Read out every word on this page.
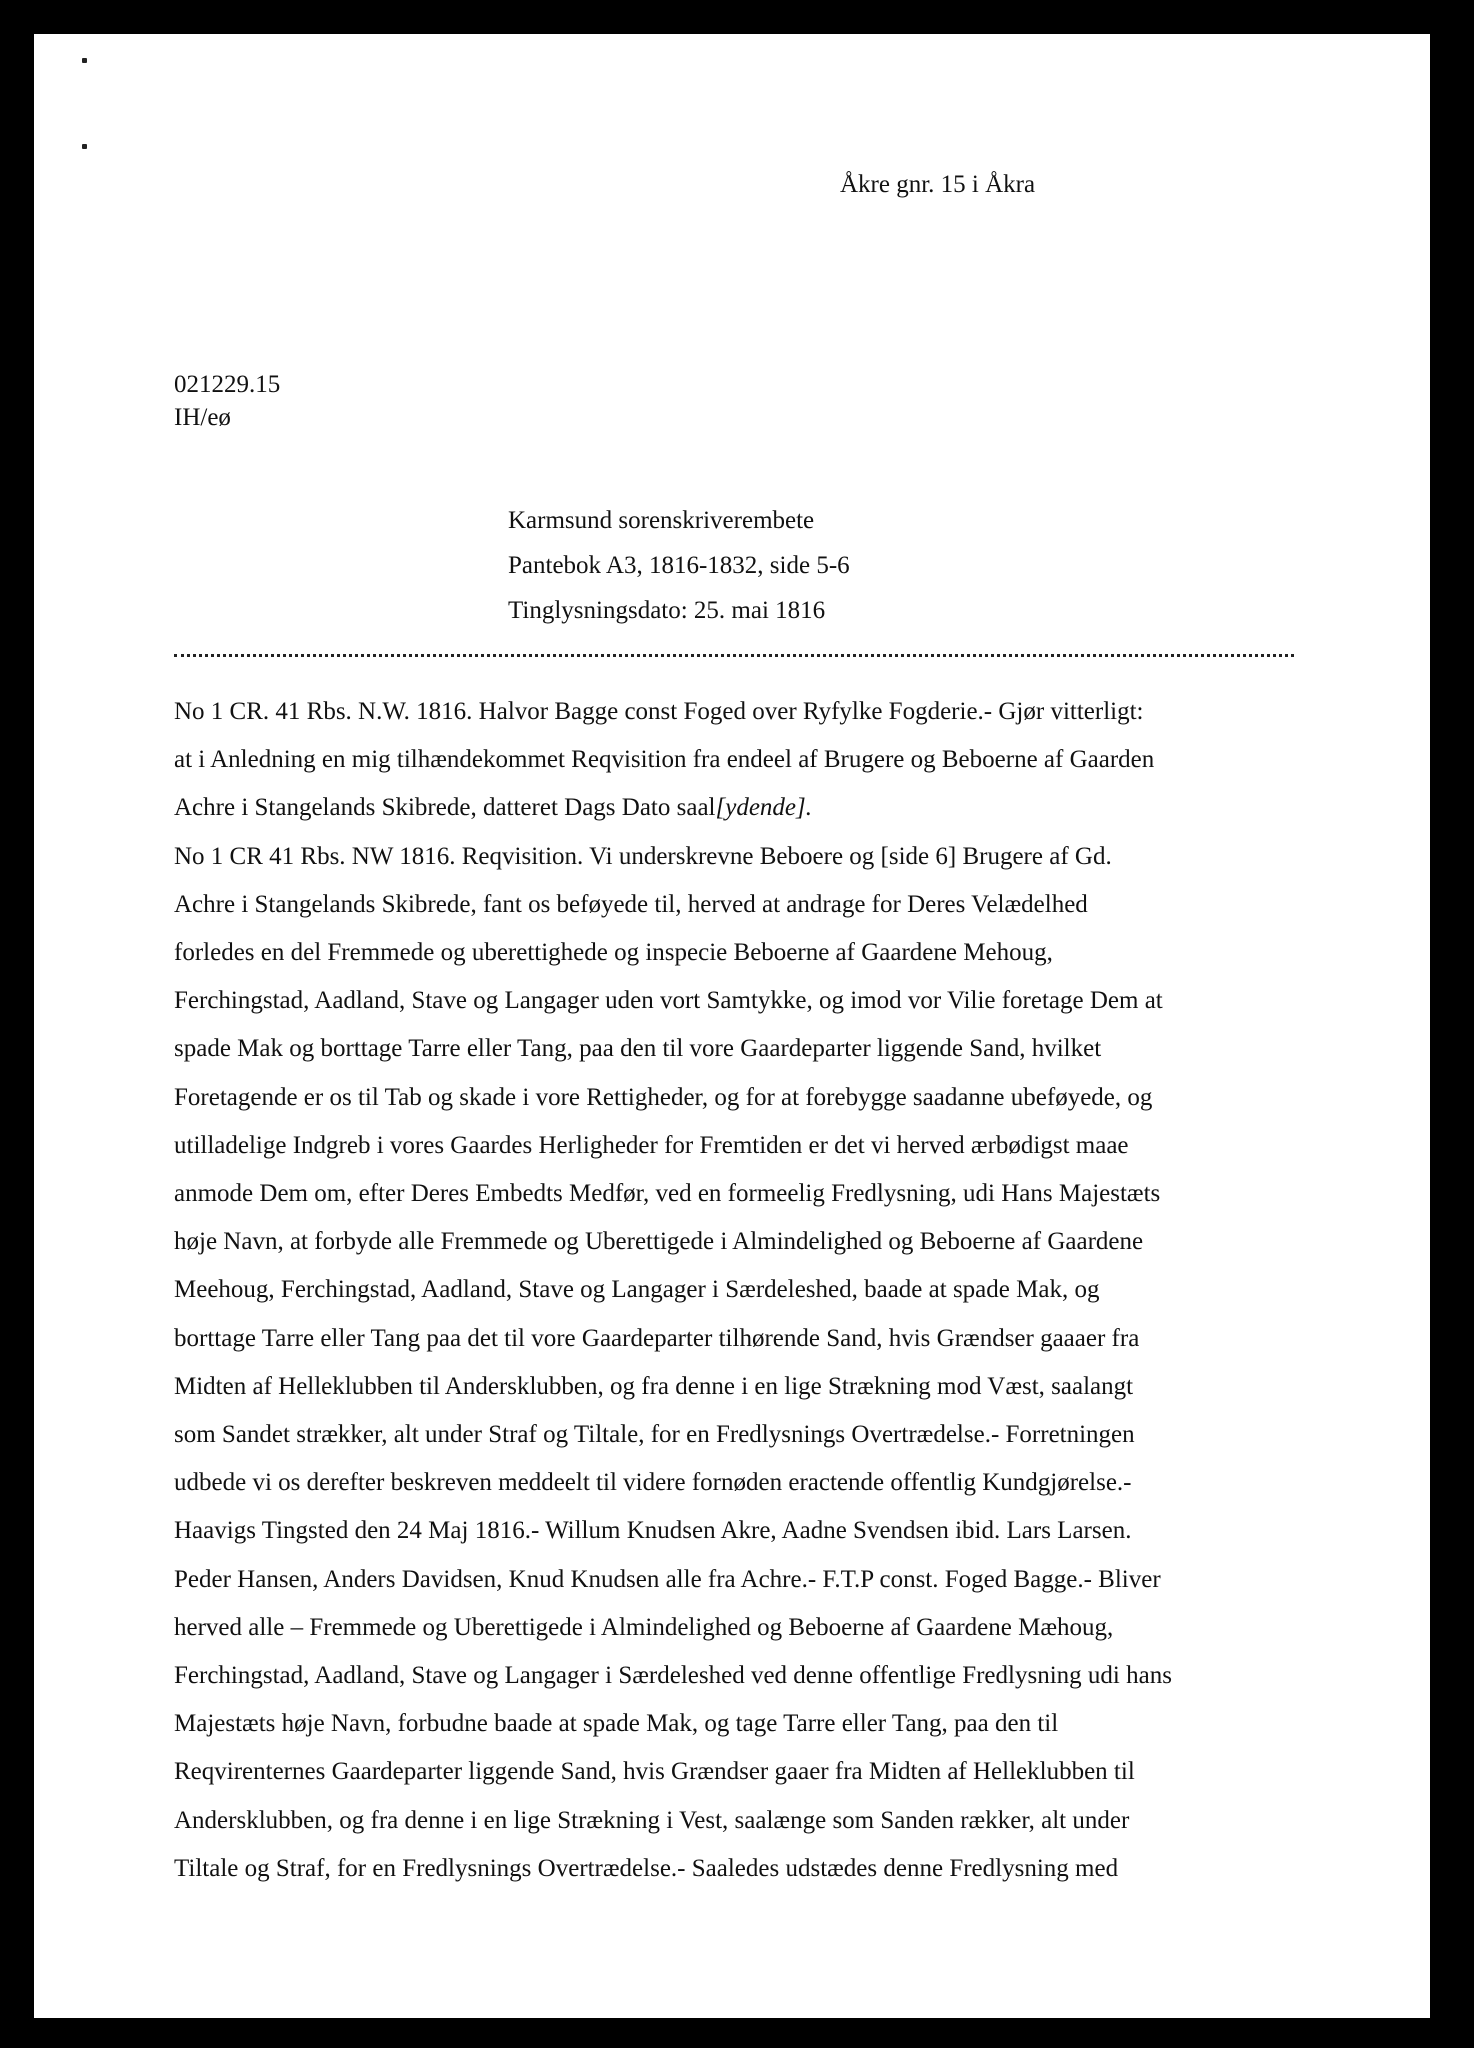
Åkre gnr. 15 i Åkra
021229.15
IH/eø
Karmsund sorenskriverembete
Pantebok A3, 1816-1832, side 5-6
Tinglysningsdato: 25. mai 1816
No 1 CR. 41 Rbs. N.W. 1816. Halvor Bagge const Foged over Ryfylke Fogderie.- Gjør vitterligt:
at i Anledning en mig tilhændekommet Reqvisition fra endeel af Brugere og Beboerne af Gaarden
Achre i Stangelands Skibrede, datteret Dags Dato saal[ydende].
No 1 CR 41 Rbs. NW 1816. Reqvisition. Vi underskrevne Beboere og [side 6] Brugere af Gd.
Achre i Stangelands Skibrede, fant os beføyede til, herved at andrage for Deres Velædelhed
forledes en del Fremmede og uberettighede og inspecie Beboerne af Gaardene Mehoug,
Ferchingstad, Aadland, Stave og Langager uden vort Samtykke, og imod vor Vilie foretage Dem at
spade Mak og borttage Tarre eller Tang, paa den til vore Gaardeparter liggende Sand, hvilket
Foretagende er os til Tab og skade i vore Rettigheder, og for at forebygge saadanne ubeføyede, og
utilladelige Indgreb i vores Gaardes Herligheder for Fremtiden er det vi herved ærbødigst maae
anmode Dem om, efter Deres Embedts Medfør, ved en formeelig Fredlysning, udi Hans Majestæts
høje Navn, at forbyde alle Fremmede og Uberettigede i Almindelighed og Beboerne af Gaardene
Meehoug, Ferchingstad, Aadland, Stave og Langager i Særdeleshed, baade at spade Mak, og
borttage Tarre eller Tang paa det til vore Gaardeparter tilhørende Sand, hvis Grændser gaaaer fra
Midten af Helleklubben til Andersklubben, og fra denne i en lige Strækning mod Væst, saalangt
som Sandet strækker, alt under Straf og Tiltale, for en Fredlysnings Overtrædelse.- Forretningen
udbede vi os derefter beskreven meddeelt til videre fornøden eractende offentlig Kundgjørelse.-
Haavigs Tingsted den 24 Maj 1816.- Willum Knudsen Akre, Aadne Svendsen ibid. Lars Larsen.
Peder Hansen, Anders Davidsen, Knud Knudsen alle fra Achre.- F.T.P const. Foged Bagge.- Bliver
herved alle – Fremmede og Uberettigede i Almindelighed og Beboerne af Gaardene Mæhoug,
Ferchingstad, Aadland, Stave og Langager i Særdeleshed ved denne offentlige Fredlysning udi hans
Majestæts høje Navn, forbudne baade at spade Mak, og tage Tarre eller Tang, paa den til
Reqvirenternes Gaardeparter liggende Sand, hvis Grændser gaaer fra Midten af Helleklubben til
Andersklubben, og fra denne i en lige Strækning i Vest, saalænge som Sanden rækker, alt under
Tiltale og Straf, for en Fredlysnings Overtrædelse.- Saaledes udstædes denne Fredlysning med
